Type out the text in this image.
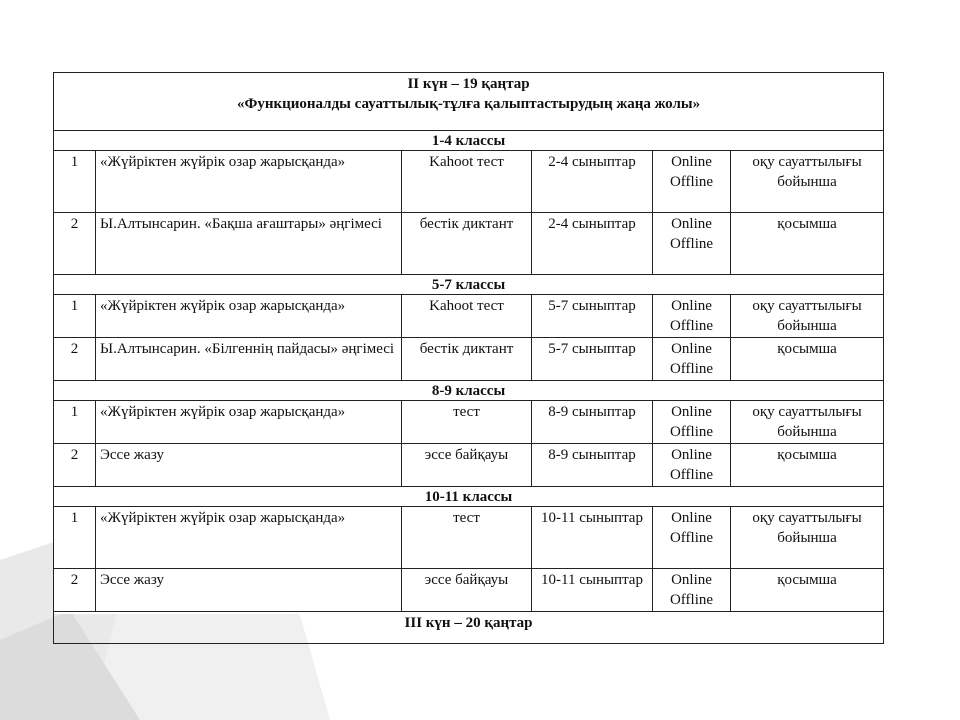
II күн – 19 қаңтар
«Функционалды сауаттылық-тұлға қалыптастырудың жаңа жолы»					

1-4 классы					
1	«Жүйріктен жүйрік озар жарысқанда»	Kahoot тест	2-4 сыныптар	Online Offline	оқу сауаттылығы бойынша
2	Ы.Алтынсарин. «Бақша ағаштары» әңгімесі	бестік диктант	2-4 сыныптар	Online Offline	қосымша
5-7 классы					
1	«Жүйріктен жүйрік озар жарысқанда»	Kahoot тест	5-7 сыныптар	Online Offline	оқу сауаттылығы бойынша
2	Ы.Алтынсарин. «Білгеннің пайдасы» әңгімесі	бестік диктант	5-7 сыныптар	Online Offline	қосымша
8-9 классы					
1	«Жүйріктен жүйрік озар жарысқанда»	тест	8-9 сыныптар	Online Offline	оқу сауаттылығы бойынша
2	Эссе жазу	эссе байқауы	8-9 сыныптар	Online Offline	қосымша
10-11 классы					
1	«Жүйріктен жүйрік озар жарысқанда»	тест	10-11 сыныптар	Online Offline	оқу сауаттылығы бойынша
2	Эссе жазу	эссе байқауы	10-11 сыныптар	Online Offline	қосымша
III күн – 20 қаңтар					
